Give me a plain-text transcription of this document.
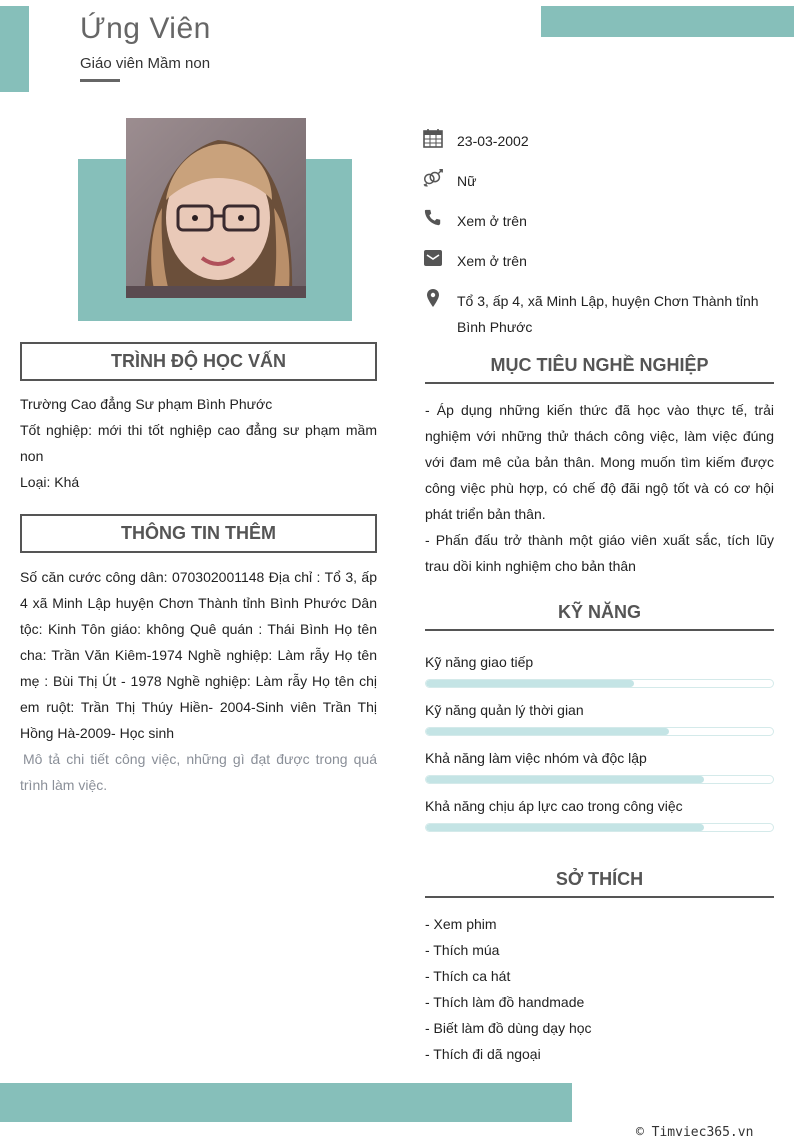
Ứng Viên
Giáo viên Mầm non
23-03-2002
Nữ
Xem ở trên
Xem ở trên
Tổ 3, ấp 4, xã Minh Lập, huyện Chơn Thành tỉnh Bình Phước
TRÌNH ĐỘ HỌC VẤN

Trường Cao đẳng Sư phạm Bình Phước

Tốt nghiệp: mới thi tốt nghiệp cao đẳng sư phạm mầm non

Loại: Khá

THÔNG TIN THÊM

Số căn cước công dân: 070302001148 Địa chỉ : Tổ 3, ấp 4 xã Minh Lập huyện Chơn Thành tỉnh Bình Phước Dân tộc: Kinh Tôn giáo: không Quê quán : Thái Bình Họ tên cha: Trần Văn Kiêm-1974 Nghề nghiệp: Làm rẫy Họ tên mẹ : Bùi Thị Út - 1978 Nghề nghiệp: Làm rẫy Họ tên chị em ruột: Trần Thị Thúy Hiền- 2004-Sinh viên Trần Thị Hồng Hà-2009- Học sinh

Mô tả chi tiết công việc, những gì đạt được trong quá trình làm việc.

MỤC TIÊU NGHỀ NGHIỆP

- Áp dụng những kiến thức đã học vào thực tế, trải nghiệm với những thử thách công việc, làm việc đúng với đam mê của bản thân. Mong muốn tìm kiếm được công việc phù hợp, có chế độ đãi ngộ tốt và có cơ hội phát triển bản thân.

- Phấn đấu trở thành một giáo viên xuất sắc, tích lũy trau dồi kinh nghiệm cho bản thân

KỸ NĂNG
Kỹ năng giao tiếp
Kỹ năng quản lý thời gian
Khả năng làm việc nhóm và độc lập
Khả năng chịu áp lực cao trong công việc
SỞ THÍCH
- Xem phim
- Thích múa
- Thích ca hát
- Thích làm đồ handmade
- Biết làm đồ dùng dạy học
- Thích đi dã ngoại
© Timviec365.vn
